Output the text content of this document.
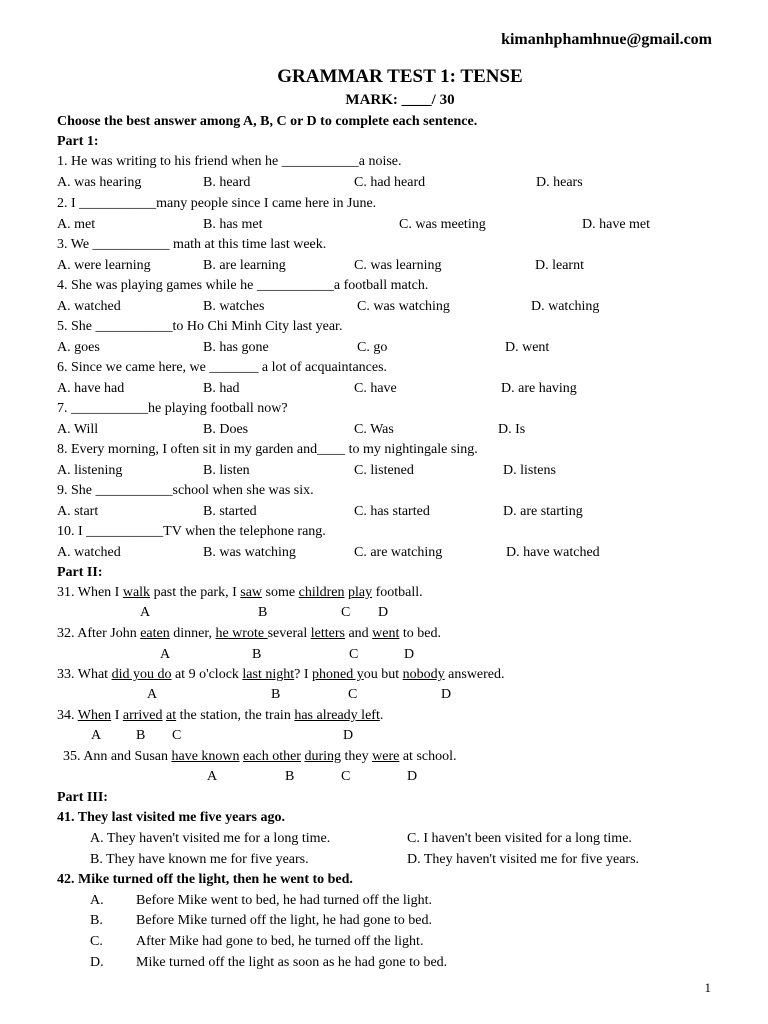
kimanhphamhnue@gmail.com
GRAMMAR TEST 1: TENSE
MARK: ____/ 30
Choose the best answer among A, B, C or D to complete each sentence.
Part 1:
1. He was writing to his friend when he ___________a noise.
A. was hearing	B. heard	C. had heard	D. hears
2. I ___________many people since I came here in June.
A. met	B. has met	C. was meeting	D. have met
3. We ___________ math at this time last week.
A. were learning	B. are learning	C. was learning	D. learnt
4. She was playing games while he ___________a football match.
A. watched	B. watches	C. was watching	D. watching
5. She ___________to Ho Chi Minh City last year.
A. goes	B. has gone	C. go	D. went
6. Since we came here, we _______ a lot of acquaintances.
A. have had	B. had	C. have	D. are having
7. ___________he playing football now?
A. Will	B. Does	C. Was	D. Is
8. Every morning, I often sit in my garden and____ to my nightingale sing.
A. listening	B. listen	C. listened	D. listens
9. She ___________school when she was six.
A. start	B. started	C. has started	D. are starting
10. I ___________TV when the telephone rang.
A. watched	B. was watching	C. are watching	D. have watched
Part II:
31. When I walk past the park, I saw some children play football.
A	B	C D
32. After John eaten dinner, he wrote several letters and went to bed.
A	B	C	D
33. What did you do at 9 o'clock last night? I phoned you but nobody answered.
A	B	C	D
34. When I arrived at the station, the train has already left.
A B C	D
35. Ann and Susan have known each other during they were at school.
A	B	C	D
Part III:
41. They last visited me five years ago.
A. They haven't visited me for a long time.	C. I haven't been visited for a long time.
B. They have known me for five years.	D. They haven't visited me for five years.
42. Mike turned off the light, then he went to bed.
A. Before Mike went to bed, he had turned off the light.
B. Before Mike turned off the light, he had gone to bed.
C. After Mike had gone to bed, he turned off the light.
D. Mike turned off the light as soon as he had gone to bed.
1
